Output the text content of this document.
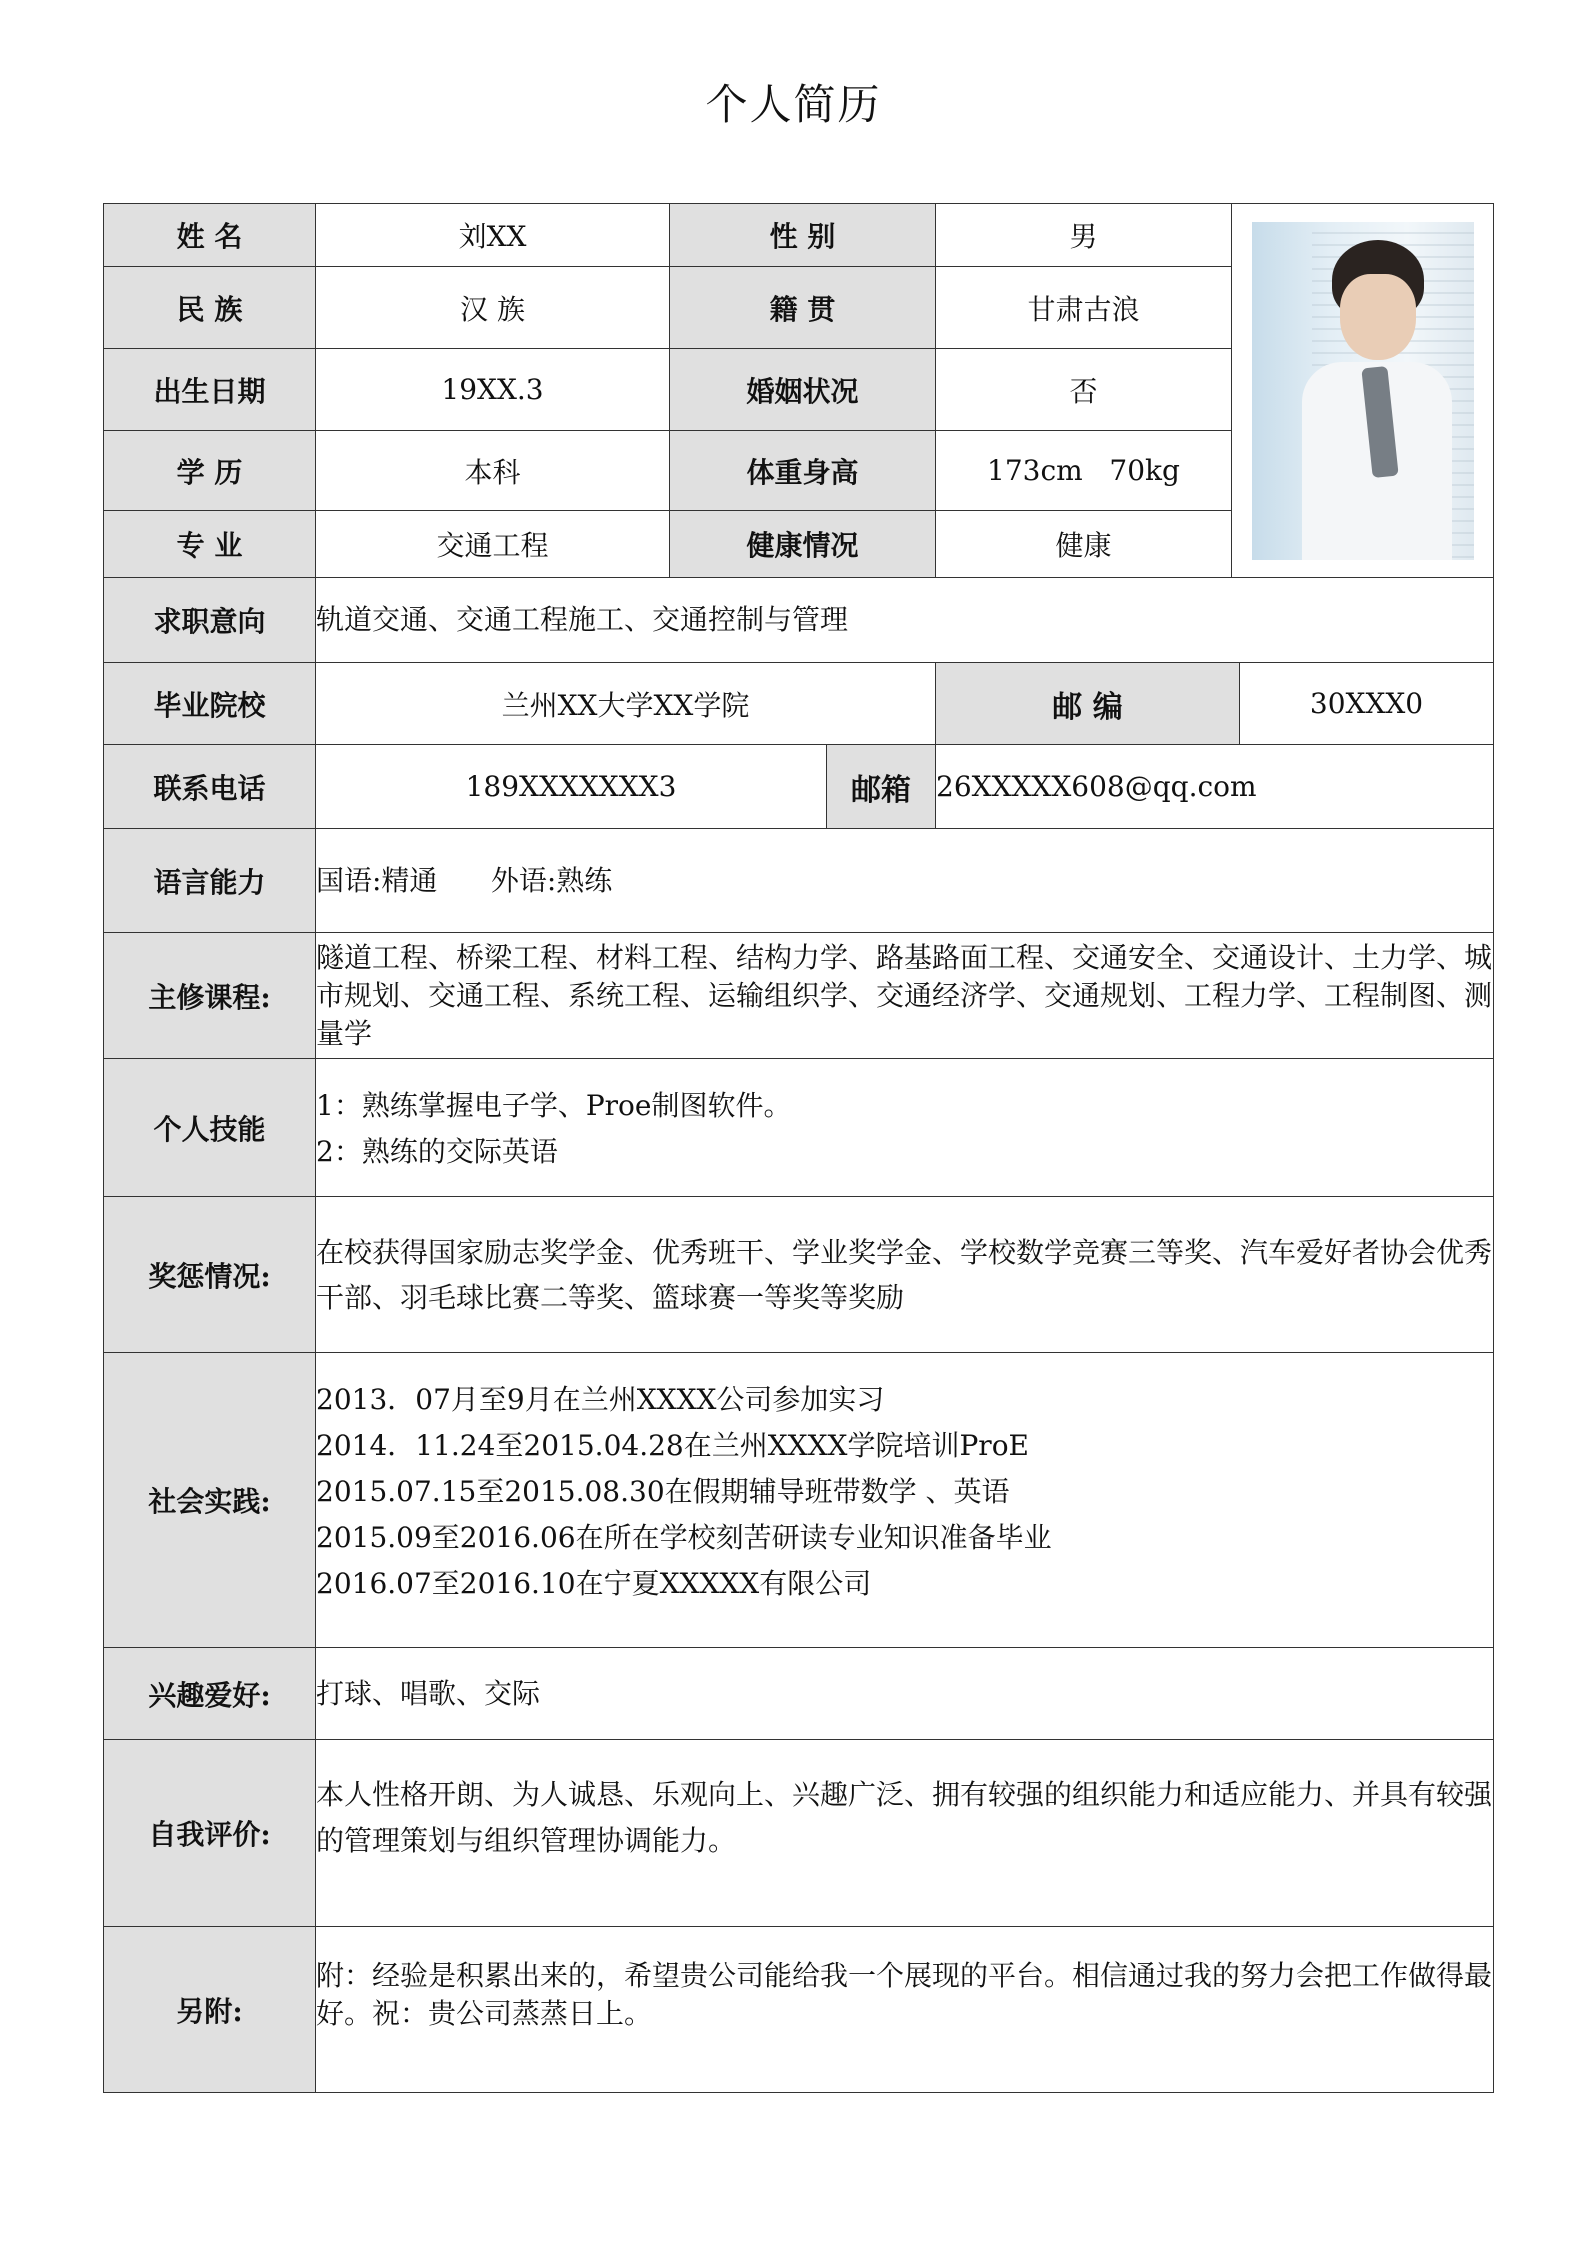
个人简历
姓 名	刘XX	性 别		男		

民 族	汉 族	籍 贯		甘肃古浪		
出生日期	19XX.3	婚姻状况		否		
学 历	本科	体重身高		173cm   70kg		
专 业	交通工程	健康情况		健康		
求职意向	轨道交通、交通工程施工、交通控制与管理					
毕业院校	兰州XX大学XX学院			邮 编		30XXX0
联系电话	189XXXXXXX3		邮箱	26XXXXX608@qq.com		
语言能力	国语:精通      外语:熟练					
主修课程:	隧道工程、桥梁工程、材料工程、结构力学、路基路面工程、交通安全、交通设计、土力学、城市规划、交通工程、系统工程、运输组织学、交通经济学、交通规划、工程力学、工程制图、测量学					
个人技能	1：熟练掌握电子学、Proe制图软件。
2：熟练的交际英语					

奖惩情况:	在校获得国家励志奖学金、优秀班干、学业奖学金、学校数学竞赛三等奖、汽车爱好者协会优秀干部、羽毛球比赛二等奖、篮球赛一等奖等奖励					
社会实践:	2013．07月至9月在兰州XXXX公司参加实习
2014．11.24至2015.04.28在兰州XXXX学院培训ProE
2015.07.15至2015.08.30在假期辅导班带数学 、英语
2015.09至2016.06在所在学校刻苦研读专业知识准备毕业
2016.07至2016.10在宁夏XXXXX有限公司					

兴趣爱好:	打球、唱歌、交际					
自我评价:	本人性格开朗、为人诚恳、乐观向上、兴趣广泛、拥有较强的组织能力和适应能力、并具有较强的管理策划与组织管理协调能力。					
另附:	附：经验是积累出来的，希望贵公司能给我一个展现的平台。相信通过我的努力会把工作做得最好。祝：贵公司蒸蒸日上。					
